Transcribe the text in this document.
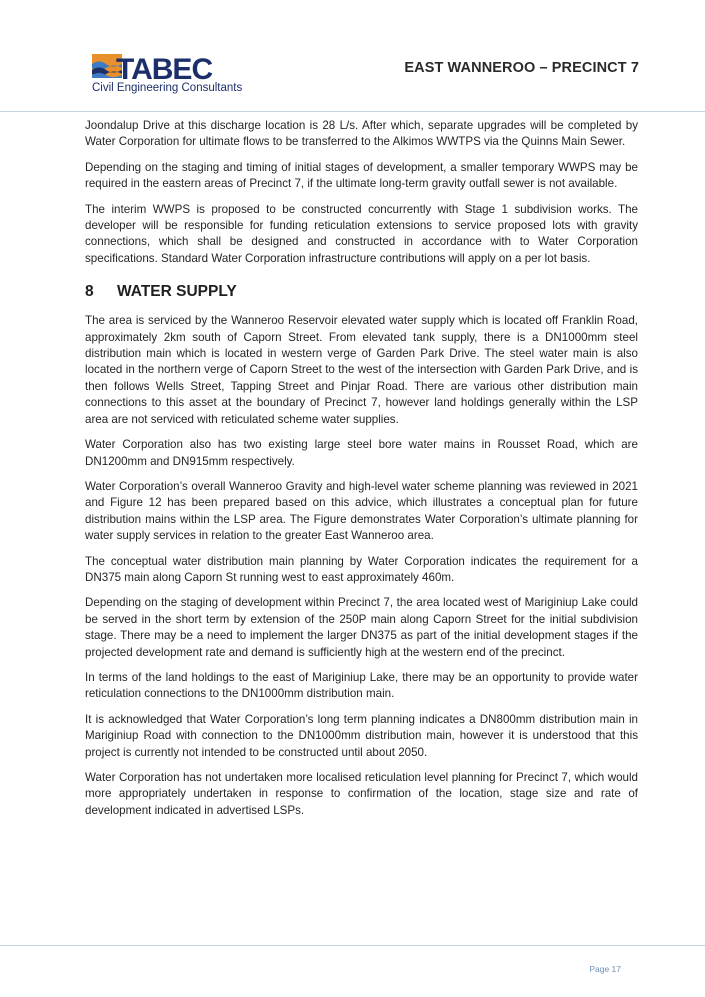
TABEC
Civil Engineering Consultants
EAST WANNEROO – PRECINCT 7

Joondalup Drive at this discharge location is 28 L/s. After which, separate upgrades will be completed by Water Corporation for ultimate flows to be transferred to the Alkimos WWTPS via the Quinns Main Sewer.

Depending on the staging and timing of initial stages of development, a smaller temporary WWPS may be required in the eastern areas of Precinct 7, if the ultimate long-term gravity outfall sewer is not available.

The interim WWPS is proposed to be constructed concurrently with Stage 1 subdivision works. The developer will be responsible for funding reticulation extensions to service proposed lots with gravity connections, which shall be designed and constructed in accordance with to Water Corporation specifications. Standard Water Corporation infrastructure contributions will apply on a per lot basis.

8	WATER SUPPLY

The area is serviced by the Wanneroo Reservoir elevated water supply which is located off Franklin Road, approximately 2km south of Caporn Street. From elevated tank supply, there is a DN1000mm steel distribution main which is located in western verge of Garden Park Drive. The steel water main is also located in the northern verge of Caporn Street to the west of the intersection with Garden Park Drive, and is then follows Wells Street, Tapping Street and Pinjar Road. There are various other distribution main connections to this asset at the boundary of Precinct 7, however land holdings generally within the LSP area are not serviced with reticulated scheme water supplies.

Water Corporation also has two existing large steel bore water mains in Rousset Road, which are DN1200mm and DN915mm respectively.

Water Corporation’s overall Wanneroo Gravity and high-level water scheme planning was reviewed in 2021 and Figure 12 has been prepared based on this advice, which illustrates a conceptual plan for future distribution mains within the LSP area. The Figure demonstrates Water Corporation’s ultimate planning for water supply services in relation to the greater East Wanneroo area.

The conceptual water distribution main planning by Water Corporation indicates the requirement for a DN375 main along Caporn St running west to east approximately 460m.

Depending on the staging of development within Precinct 7, the area located west of Mariginiup Lake could be served in the short term by extension of the 250P main along Caporn Street for the initial subdivision stage. There may be a need to implement the larger DN375 as part of the initial development stages if the projected development rate and demand is sufficiently high at the western end of the precinct.

In terms of the land holdings to the east of Mariginiup Lake, there may be an opportunity to provide water reticulation connections to the DN1000mm distribution main.

It is acknowledged that Water Corporation’s long term planning indicates a DN800mm distribution main in Mariginiup Road with connection to the DN1000mm distribution main, however it is understood that this project is currently not intended to be constructed until about 2050.

Water Corporation has not undertaken more localised reticulation level planning for Precinct 7, which would more appropriately undertaken in response to confirmation of the location, stage size and rate of development indicated in advertised LSPs.

Page 17
